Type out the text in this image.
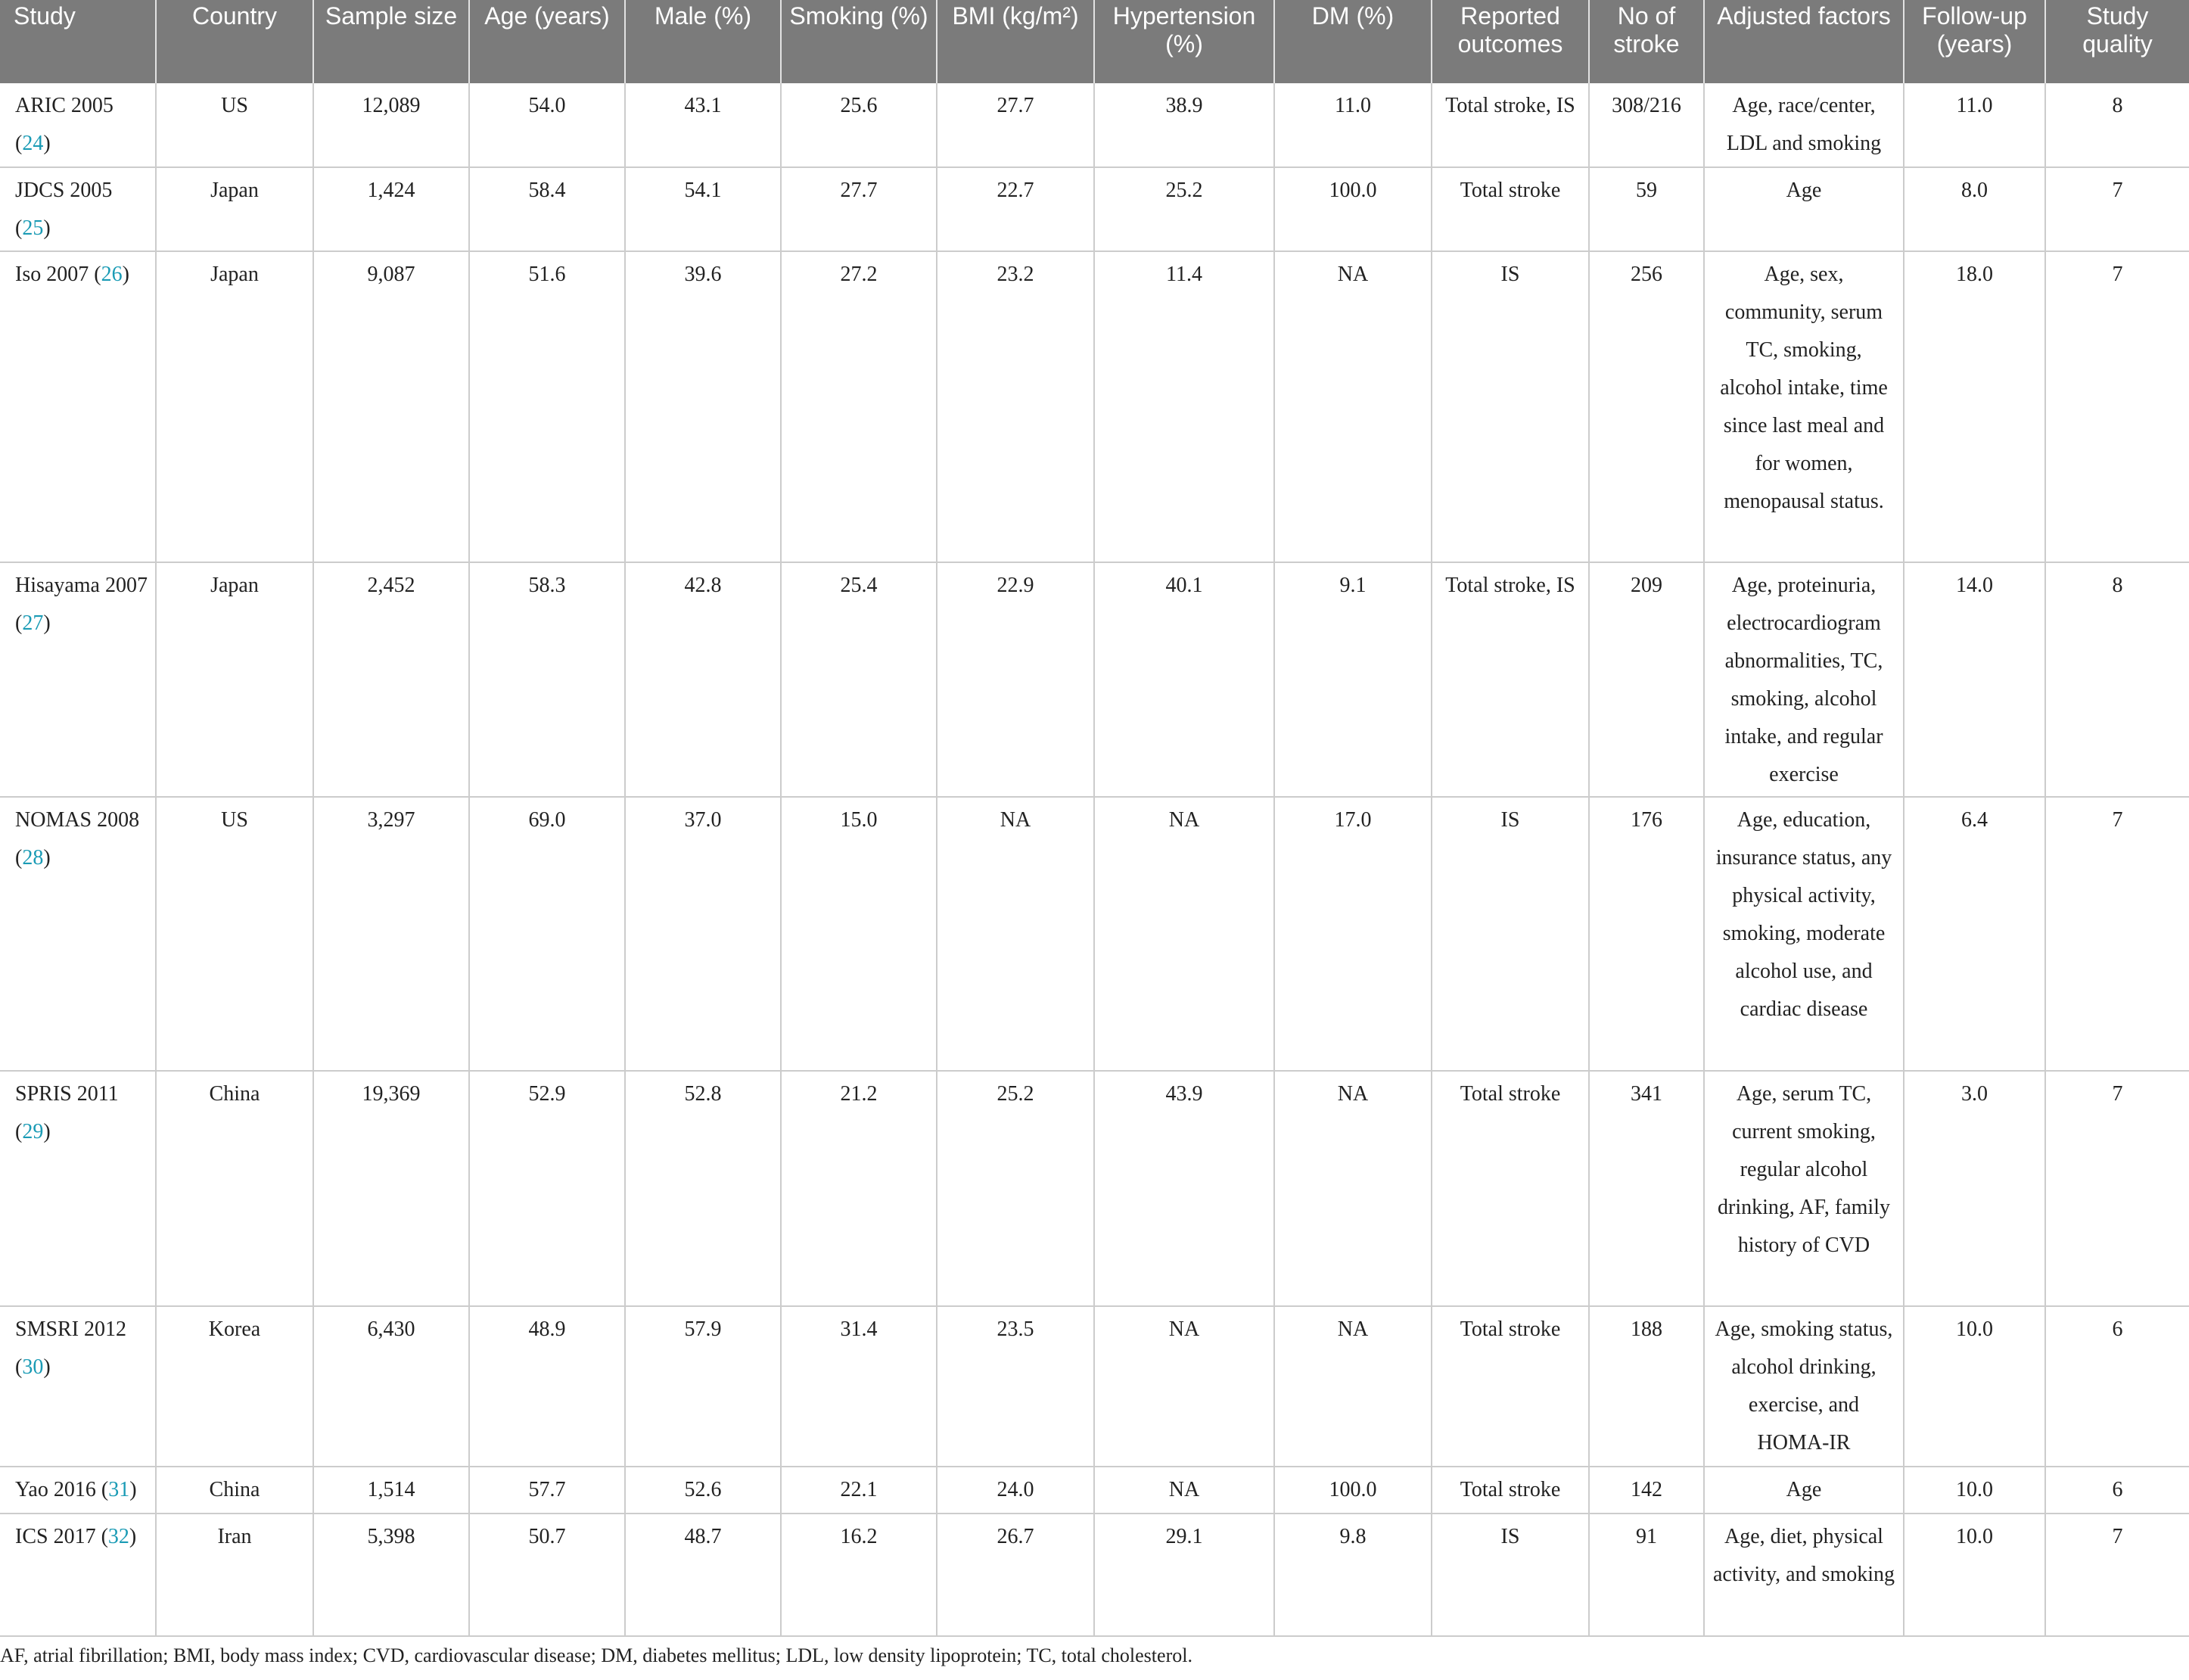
Study	Country	Sample size	Age (years)	Male (%)	Smoking (%)	BMI (kg/m²)	Hypertension (%)	DM (%)	Reported outcomes	No of stroke	Adjusted factors	Follow-up (years)	Study quality
ARIC 2005 (24)	US	12,089	54.0	43.1	25.6	27.7	38.9	11.0	Total stroke, IS	308/216	Age, race/center, LDL and smoking	11.0	8
JDCS 2005 (25)	Japan	1,424	58.4	54.1	27.7	22.7	25.2	100.0	Total stroke	59	Age	8.0	7
Iso 2007 (26)	Japan	9,087	51.6	39.6	27.2	23.2	11.4	NA	IS	256	Age, sex, community, serum TC, smoking, alcohol intake, time since last meal and for women, menopausal status.	18.0	7
Hisayama 2007 (27)	Japan	2,452	58.3	42.8	25.4	22.9	40.1	9.1	Total stroke, IS	209	Age, proteinuria, electrocardiogram abnormalities, TC, smoking, alcohol intake, and regular exercise	14.0	8
NOMAS 2008 (28)	US	3,297	69.0	37.0	15.0	NA	NA	17.0	IS	176	Age, education, insurance status, any physical activity, smoking, moderate alcohol use, and cardiac disease	6.4	7
SPRIS 2011 (29)	China	19,369	52.9	52.8	21.2	25.2	43.9	NA	Total stroke	341	Age, serum TC, current smoking, regular alcohol drinking, AF, family history of CVD	3.0	7
SMSRI 2012 (30)	Korea	6,430	48.9	57.9	31.4	23.5	NA	NA	Total stroke	188	Age, smoking status, alcohol drinking, exercise, and HOMA-IR	10.0	6
Yao 2016 (31)	China	1,514	57.7	52.6	22.1	24.0	NA	100.0	Total stroke	142	Age	10.0	6
ICS 2017 (32)	Iran	5,398	50.7	48.7	16.2	26.7	29.1	9.8	IS	91	Age, diet, physical activity, and smoking	10.0	7
AF, atrial fibrillation; BMI, body mass index; CVD, cardiovascular disease; DM, diabetes mellitus; LDL, low density lipoprotein; TC, total cholesterol.
